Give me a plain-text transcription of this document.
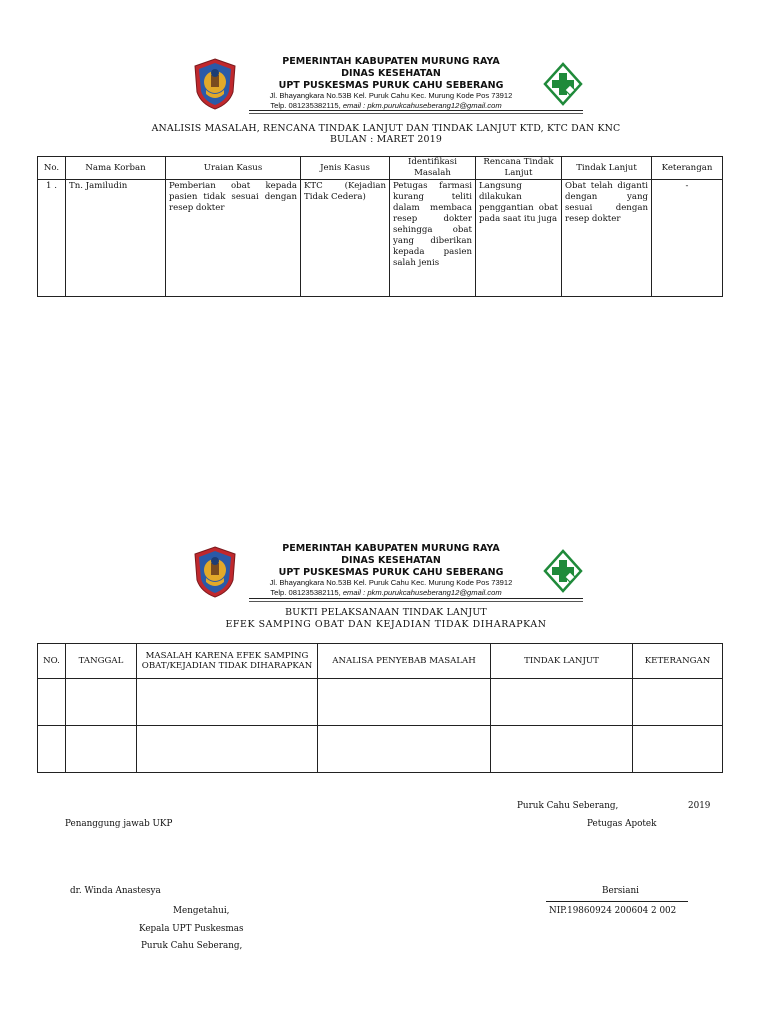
PEMERINTAH KABUPATEN MURUNG RAYA
DINAS KESEHATAN
UPT PUSKESMAS PURUK CAHU SEBERANG
Jl. Bhayangkara No.53B Kel. Puruk Cahu Kec. Murung Kode Pos 73912
Telp. 081235382115, email : pkm.purukcahuseberang12@gmail.com
ANALISIS MASALAH, RENCANA TINDAK LANJUT DAN TINDAK LANJUT KTD, KTC DAN KNC
BULAN : MARET 2019
No.	Nama Korban	Uraian Kasus	Jenis Kasus	Identifikasi Masalah	Rencana Tindak Lanjut	Tindak Lanjut	Keterangan
1 .	Tn. Jamiludin	Pemberian obat kepada pasien tidak sesuai dengan resep dokter	KTC (Kejadian Tidak Cedera)	Petugas farmasi kurang teliti dalam membaca resep dokter sehingga obat yang diberikan kepada pasien salah jenis	Langsung dilakukan penggantian obat pada saat itu juga	Obat telah diganti dengan yang sesuai dengan resep dokter	-
PEMERINTAH KABUPATEN MURUNG RAYA
DINAS KESEHATAN
UPT PUSKESMAS PURUK CAHU SEBERANG
Jl. Bhayangkara No.53B Kel. Puruk Cahu Kec. Murung Kode Pos 73912
Telp. 081235382115, email : pkm.purukcahuseberang12@gmail.com
BUKTI PELAKSANAAN TINDAK LANJUT
EFEK SAMPING OBAT DAN KEJADIAN TIDAK DIHARAPKAN
NO.	TANGGAL	MASALAH KARENA EFEK SAMPING OBAT/KEJADIAN TIDAK DIHARAPKAN	ANALISA PENYEBAB MASALAH	TINDAK LANJUT	KETERANGAN

Puruk Cahu Seberang,	2019
Penanggung jawab UKP	Petugas Apotek
dr. Winda Anastesya	Bersiani
NIP.19860924 200604 2 002
Mengetahui,
Kepala UPT Puskesmas
Puruk Cahu Seberang,
